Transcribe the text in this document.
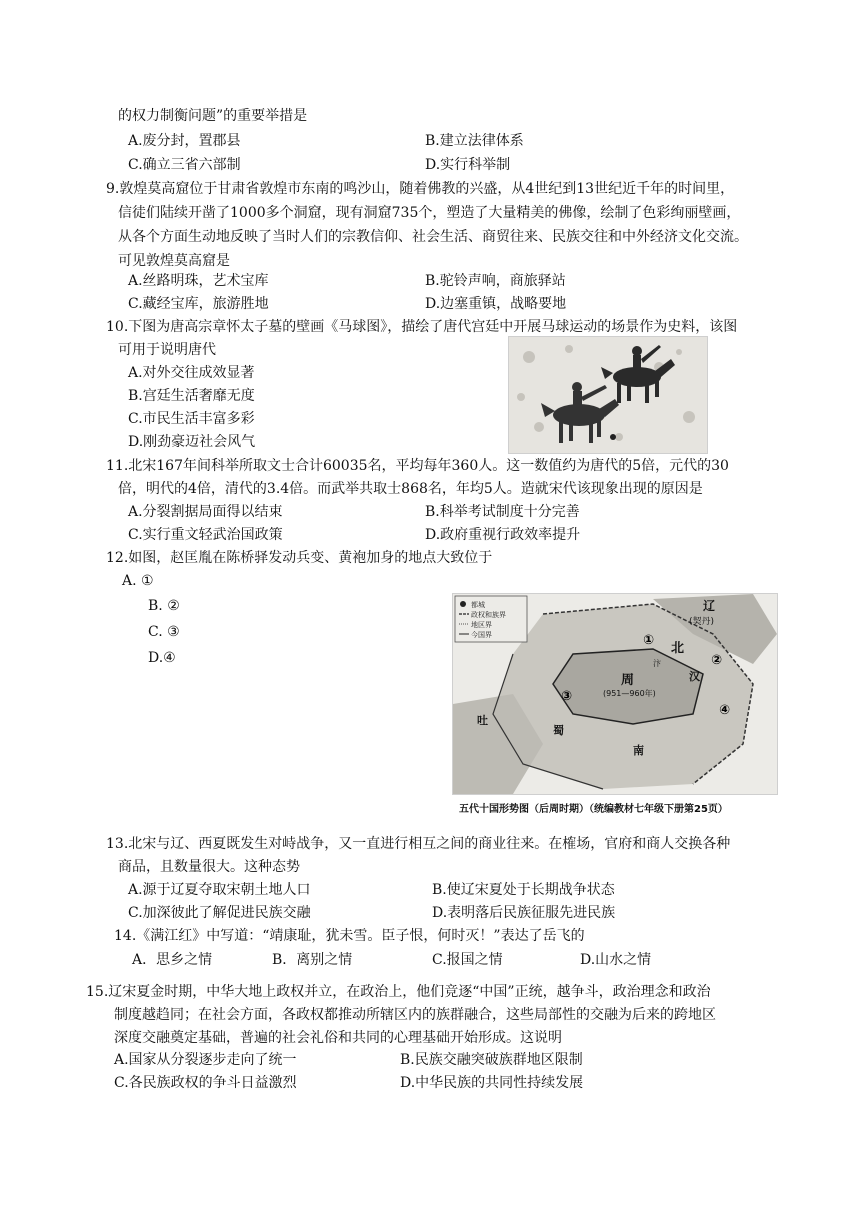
的权力制衡问题”的重要举措是
A.废分封，置郡县	B.建立法律体系
C.确立三省六部制	D.实行科举制
9.敦煌莫高窟位于甘肃省敦煌市东南的鸣沙山，随着佛教的兴盛，从4世纪到13世纪近千年的时间里，
信徒们陆续开凿了1000多个洞窟，现有洞窟735个，塑造了大量精美的佛像，绘制了色彩绚丽壁画，
从各个方面生动地反映了当时人们的宗教信仰、社会生活、商贸往来、民族交往和中外经济文化交流。
可见敦煌莫高窟是
A.丝路明珠，艺术宝库	B.驼铃声响，商旅驿站
C.藏经宝库，旅游胜地	D.边塞重镇，战略要地
10.下图为唐高宗章怀太子墓的壁画《马球图》，描绘了唐代宫廷中开展马球运动的场景作为史料，该图
可用于说明唐代
A.对外交往成效显著
B.宫廷生活奢靡无度
C.市民生活丰富多彩
D.刚劲豪迈社会风气
11.北宋167年间科举所取文士合计60035名，平均每年360人。这一数值约为唐代的5倍，元代的30
倍，明代的4倍，清代的3.4倍。而武举共取士868名，年均5人。造就宋代该现象出现的原因是
A.分裂割据局面得以结束	B.科举考试制度十分完善
C.实行重文轻武治国政策	D.政府重视行政效率提升
12.如图，赵匡胤在陈桥驿发动兵变、黄袍加身的地点大致位于
A. ①
B. ②
C. ③
D.④
都城
政权和族界
地区界
今国界
辽
(契丹)
北
周
(951—960年)
汴
汉
吐
蜀
南
①
②
③
④
五代十国形势图（后周时期）（统编教材七年级下册第25页）
13.北宋与辽、西夏既发生对峙战争，又一直进行相互之间的商业往来。在榷场，官府和商人交换各种
商品，且数量很大。这种态势
A.源于辽夏夺取宋朝土地人口	B.使辽宋夏处于长期战争状态
C.加深彼此了解促进民族交融	D.表明落后民族征服先进民族
14.《满江红》中写道：“靖康耻，犹未雪。臣子恨，何时灭！”表达了岳飞的
A．思乡之情	B．离别之情	C.报国之情	D.山水之情
15.辽宋夏金时期，中华大地上政权并立，在政治上，他们竞逐“中国”正统，越争斗，政治理念和政治
制度越趋同；在社会方面，各政权都推动所辖区内的族群融合，这些局部性的交融为后来的跨地区
深度交融奠定基础，普遍的社会礼俗和共同的心理基础开始形成。这说明
A.国家从分裂逐步走向了统一	B.民族交融突破族群地区限制
C.各民族政权的争斗日益激烈	D.中华民族的共同性持续发展
